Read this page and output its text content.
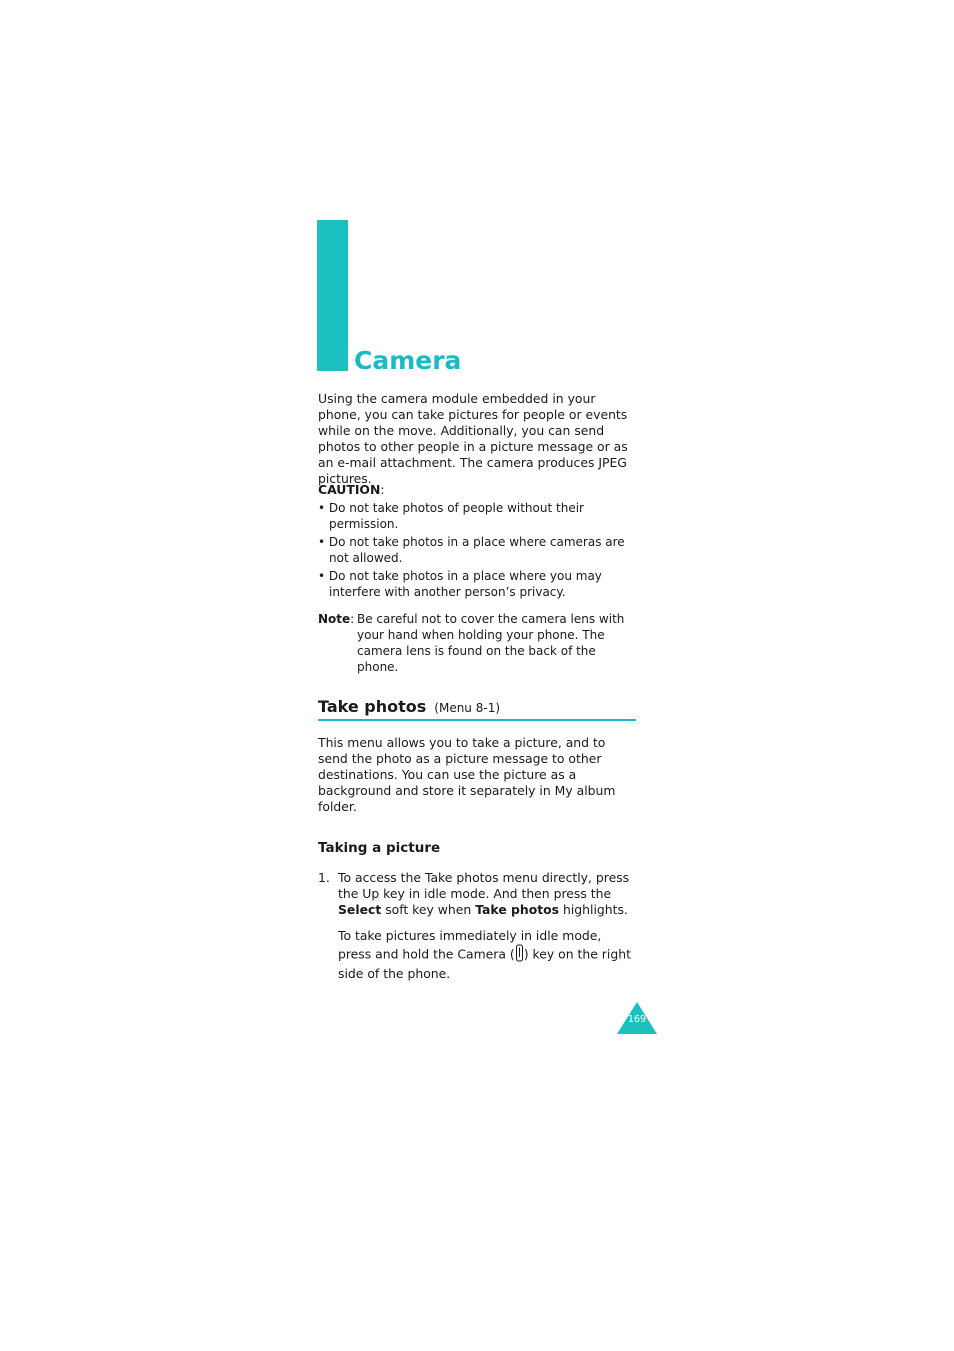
Camera

Using the camera module embedded in your phone, you can take pictures for people or events while on the move. Additionally, you can send photos to other people in a picture message or as an e-mail attachment. The camera produces JPEG pictures.

CAUTION:
• Do not take photos of people without their permission.
• Do not take photos in a place where cameras are not allowed.
• Do not take photos in a place where you may interfere with another person’s privacy.
Note: Be careful not to cover the camera lens with your hand when holding your phone. The camera lens is found on the back of the phone.
Take photos (Menu 8-1)

This menu allows you to take a picture, and to send the photo as a picture message to other destinations. You can use the picture as a background and store it separately in My album folder.

Taking a picture
1. To access the Take photos menu directly, press the Up key in idle mode. And then press the Select soft key when Take photos highlights.
To take pictures immediately in idle mode, press and hold the Camera ( ) key on the right side of the phone.
169
